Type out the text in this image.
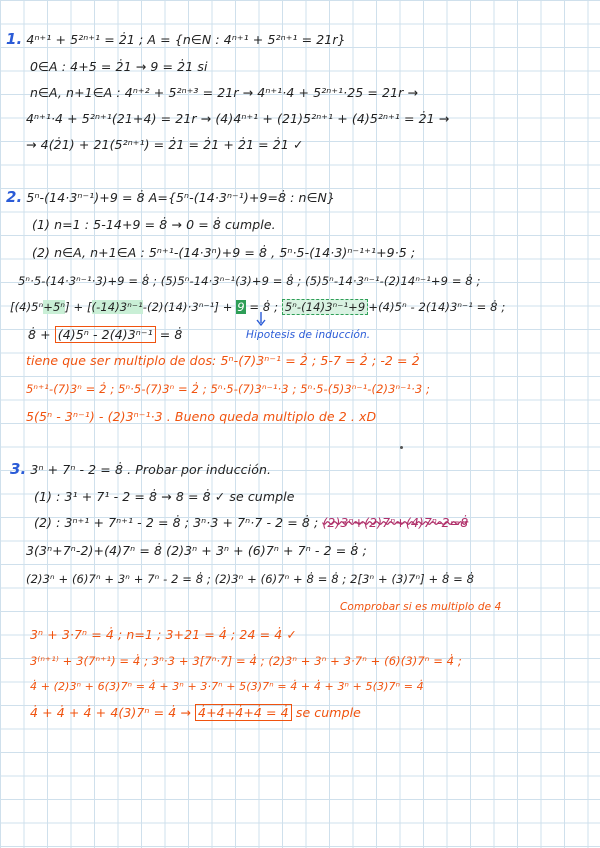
1. 4ⁿ⁺¹ + 5²ⁿ⁺¹ = 2̇1 ; A = {n∈N : 4ⁿ⁺¹ + 5²ⁿ⁺¹ = 21r}
0∈A : 4+5 = 2̇1 → 9 = 2̇1 si
n∈A, n+1∈A : 4ⁿ⁺² + 5²ⁿ⁺³ = 21r → 4ⁿ⁺¹·4 + 5²ⁿ⁺¹·25 = 21r →
4ⁿ⁺¹·4 + 5²ⁿ⁺¹(21+4) = 21r → (4)4ⁿ⁺¹ + (21)5²ⁿ⁺¹ + (4)5²ⁿ⁺¹ = 2̇1 →
→ 4(2̇1) + 21(5²ⁿ⁺¹) = 2̇1 = 2̇1 + 2̇1 = 2̇1 ✓
2. 5ⁿ-(14·3ⁿ⁻¹)+9 = 8̇ A={5ⁿ-(14·3ⁿ⁻¹)+9=8̇ : n∈N}
(1) n=1 : 5-14+9 = 8̇ → 0 = 8̇ cumple.
(2) n∈A, n+1∈A : 5ⁿ⁺¹-(14·3ⁿ)+9 = 8̇ , 5ⁿ·5-(14·3)ⁿ⁻¹⁺¹+9·5 ;
5ⁿ·5-(14·3ⁿ⁻¹·3)+9 = 8̇ ; (5)5ⁿ-14·3ⁿ⁻¹(3)+9 = 8̇ ; (5)5ⁿ-14·3ⁿ⁻¹-(2)14ⁿ⁻¹+9 = 8̇ ;
[(4)5ⁿ+5ⁿ] + [(-14)3ⁿ⁻¹-(2)(14)·3ⁿ⁻¹] + 9 = 8̇ ; 5ⁿ-(14)3ⁿ⁻¹+9 +(4)5ⁿ - 2(14)3ⁿ⁻¹ = 8̇ ;
8̇ + (4)5ⁿ - 2(4)3ⁿ⁻¹ = 8̇	Hipotesis de inducción.
tiene que ser multiplo de dos: 5ⁿ-(7)3ⁿ⁻¹ = 2̇ ; 5-7 = 2̇ ; -2 = 2̇
5ⁿ⁺¹-(7)3ⁿ = 2̇ ; 5ⁿ·5-(7)3ⁿ = 2̇ ; 5ⁿ·5-(7)3ⁿ⁻¹·3 ; 5ⁿ·5-(5)3ⁿ⁻¹-(2)3ⁿ⁻¹·3 ;
5(5ⁿ - 3ⁿ⁻¹) - (2)3ⁿ⁻¹·3 . Bueno queda multiplo de 2 . xD
3. 3ⁿ + 7ⁿ - 2 = 8̇ . Probar por inducción.
(1) : 3¹ + 7¹ - 2 = 8̇ → 8 = 8̇ ✓ se cumple
(2) : 3ⁿ⁺¹ + 7ⁿ⁺¹ - 2 = 8̇ ; 3ⁿ·3 + 7ⁿ·7 - 2 = 8̇ ; (2)3ⁿ+(2)7ⁿ+(4)7ⁿ-2=8̇
3(3ⁿ+7ⁿ-2)+(4)7ⁿ = 8̇ (2)3ⁿ + 3ⁿ + (6)7ⁿ + 7ⁿ - 2 = 8̇ ;
(2)3ⁿ + (6)7ⁿ + 3ⁿ + 7ⁿ - 2 = 8̇ ; (2)3ⁿ + (6)7ⁿ + 8̇ = 8̇ ; 2[3ⁿ + (3)7ⁿ] + 8̇ = 8̇
Comprobar si es multiplo de 4
3ⁿ + 3·7ⁿ = 4̇ ; n=1 ; 3+21 = 4̇ ; 24 = 4̇ ✓
3⁽ⁿ⁺¹⁾ + 3(7ⁿ⁺¹) = 4̇ ; 3ⁿ·3 + 3[7ⁿ·7] = 4̇ ; (2)3ⁿ + 3ⁿ + 3·7ⁿ + (6)(3)7ⁿ = 4̇ ;
4̇ + (2)3ⁿ + 6(3)7ⁿ = 4̇ + 3ⁿ + 3·7ⁿ + 5(3)7ⁿ = 4̇ + 4̇ + 3ⁿ + 5(3)7ⁿ = 4̇
4̇ + 4̇ + 4̇ + 4(3)7ⁿ = 4̇ → 4̇+4̇+4̇+4̇ = 4̇ se cumple
